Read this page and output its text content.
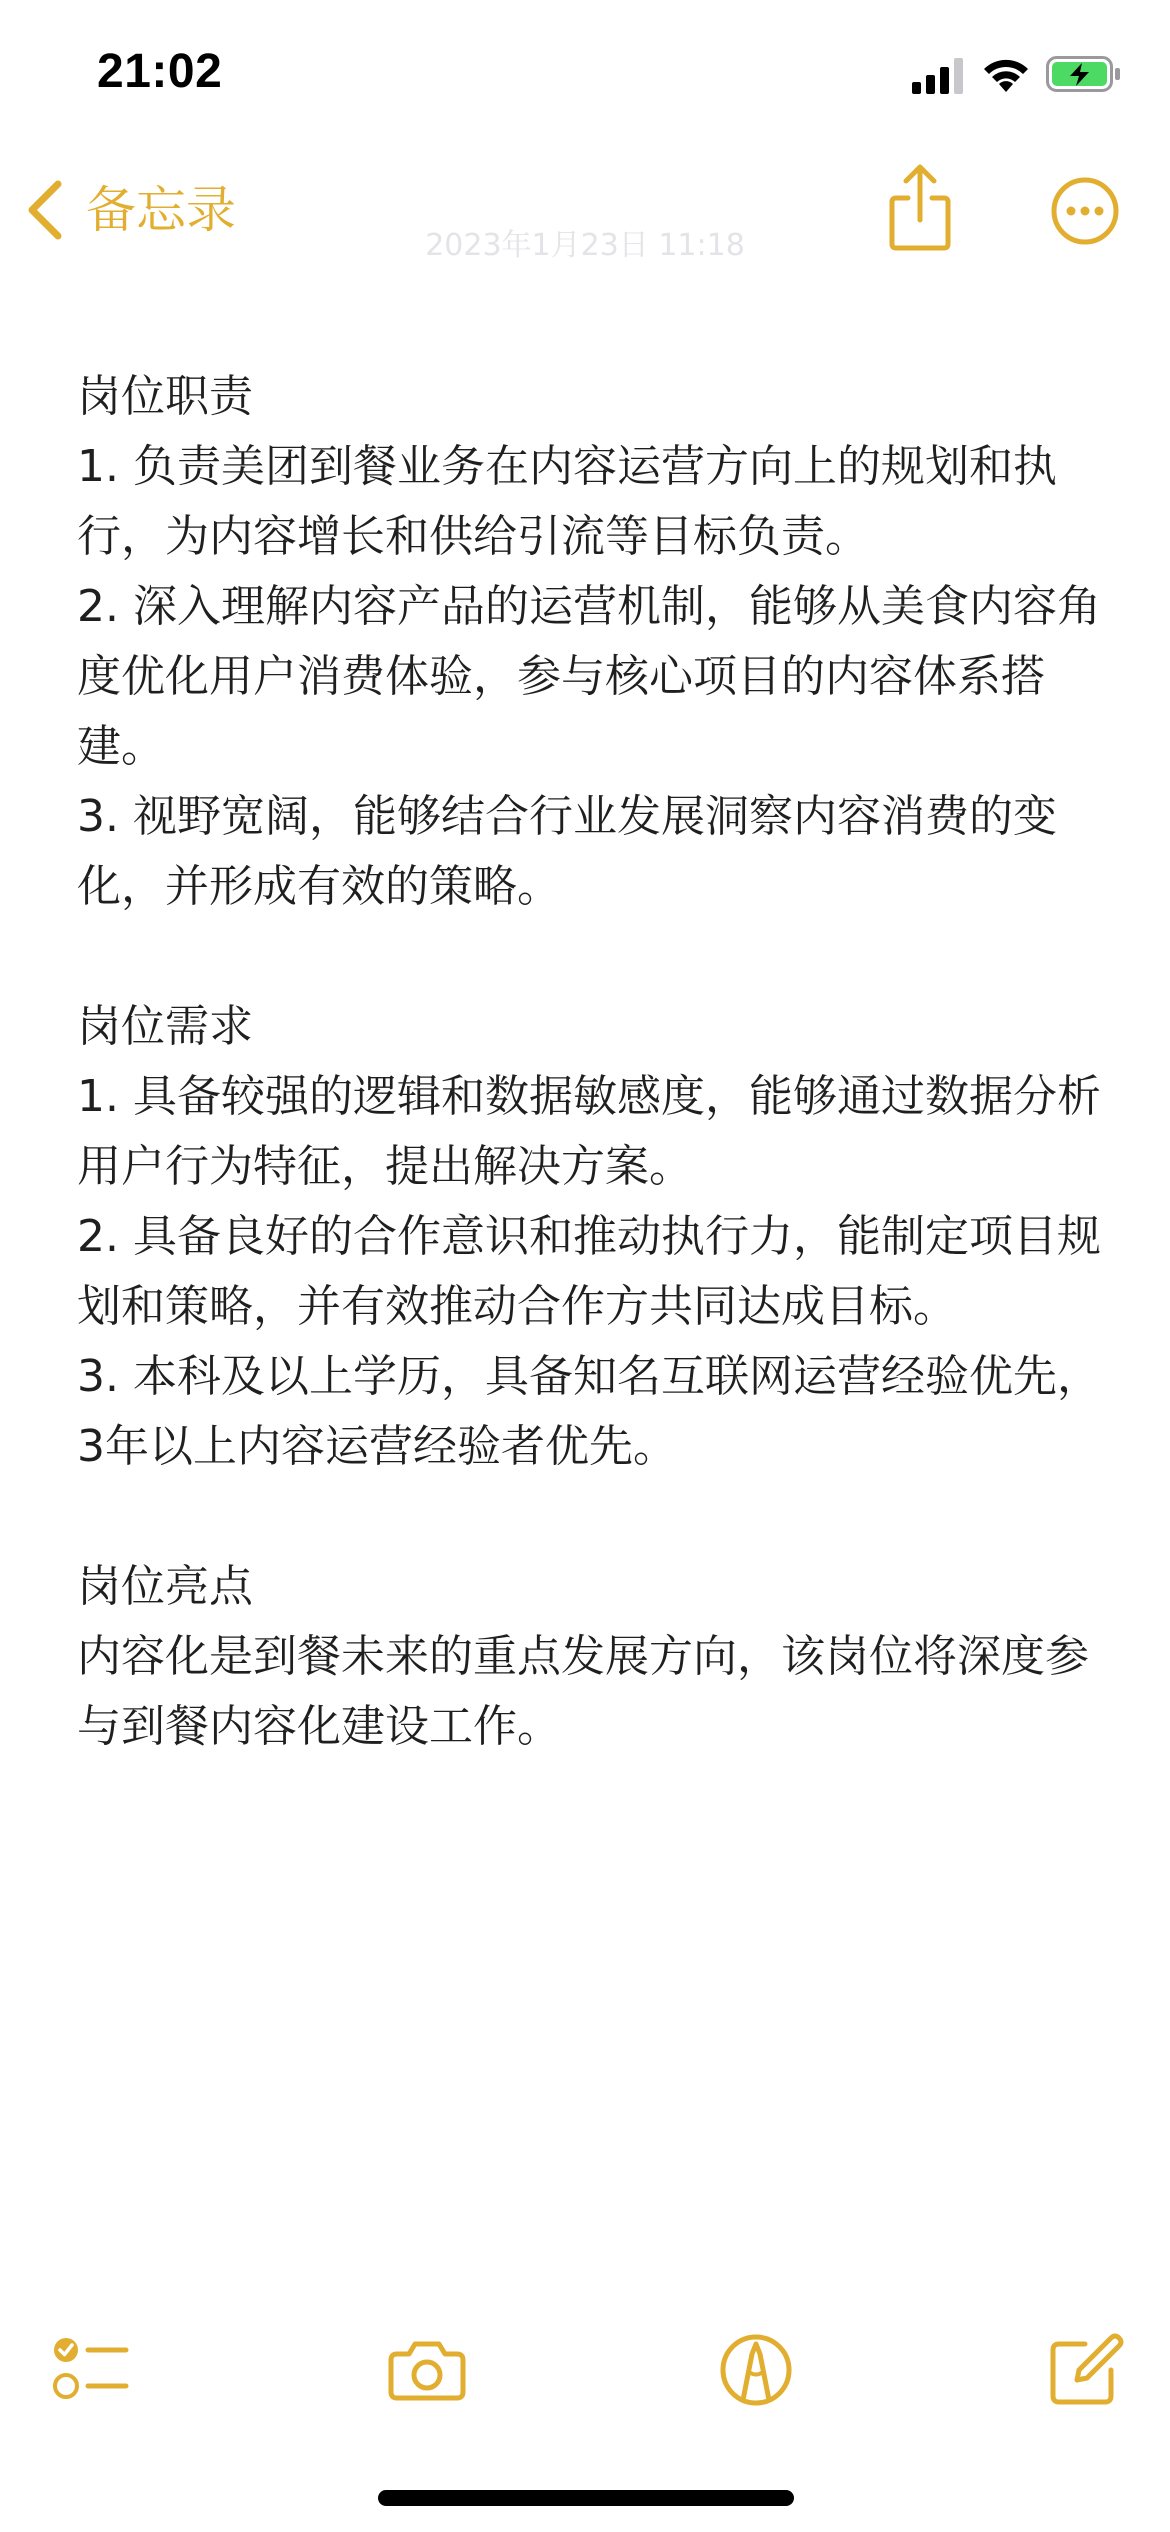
21:02
备忘录
2023年1月23日 11:18

岗位职责

1. 负责美团到餐业务在内容运营方向上的规划和执行，为内容增长和供给引流等目标负责。

2. 深入理解内容产品的运营机制，能够从美食内容角度优化用户消费体验，参与核心项目的内容体系搭建。

3. 视野宽阔，能够结合行业发展洞察内容消费的变化，并形成有效的策略。

岗位需求

1. 具备较强的逻辑和数据敏感度，能够通过数据分析用户行为特征，提出解决方案。

2. 具备良好的合作意识和推动执行力，能制定项目规划和策略，并有效推动合作方共同达成目标。

3. 本科及以上学历，具备知名互联网运营经验优先，3年以上内容运营经验者优先。

岗位亮点

内容化是到餐未来的重点发展方向，该岗位将深度参与到餐内容化建设工作。
